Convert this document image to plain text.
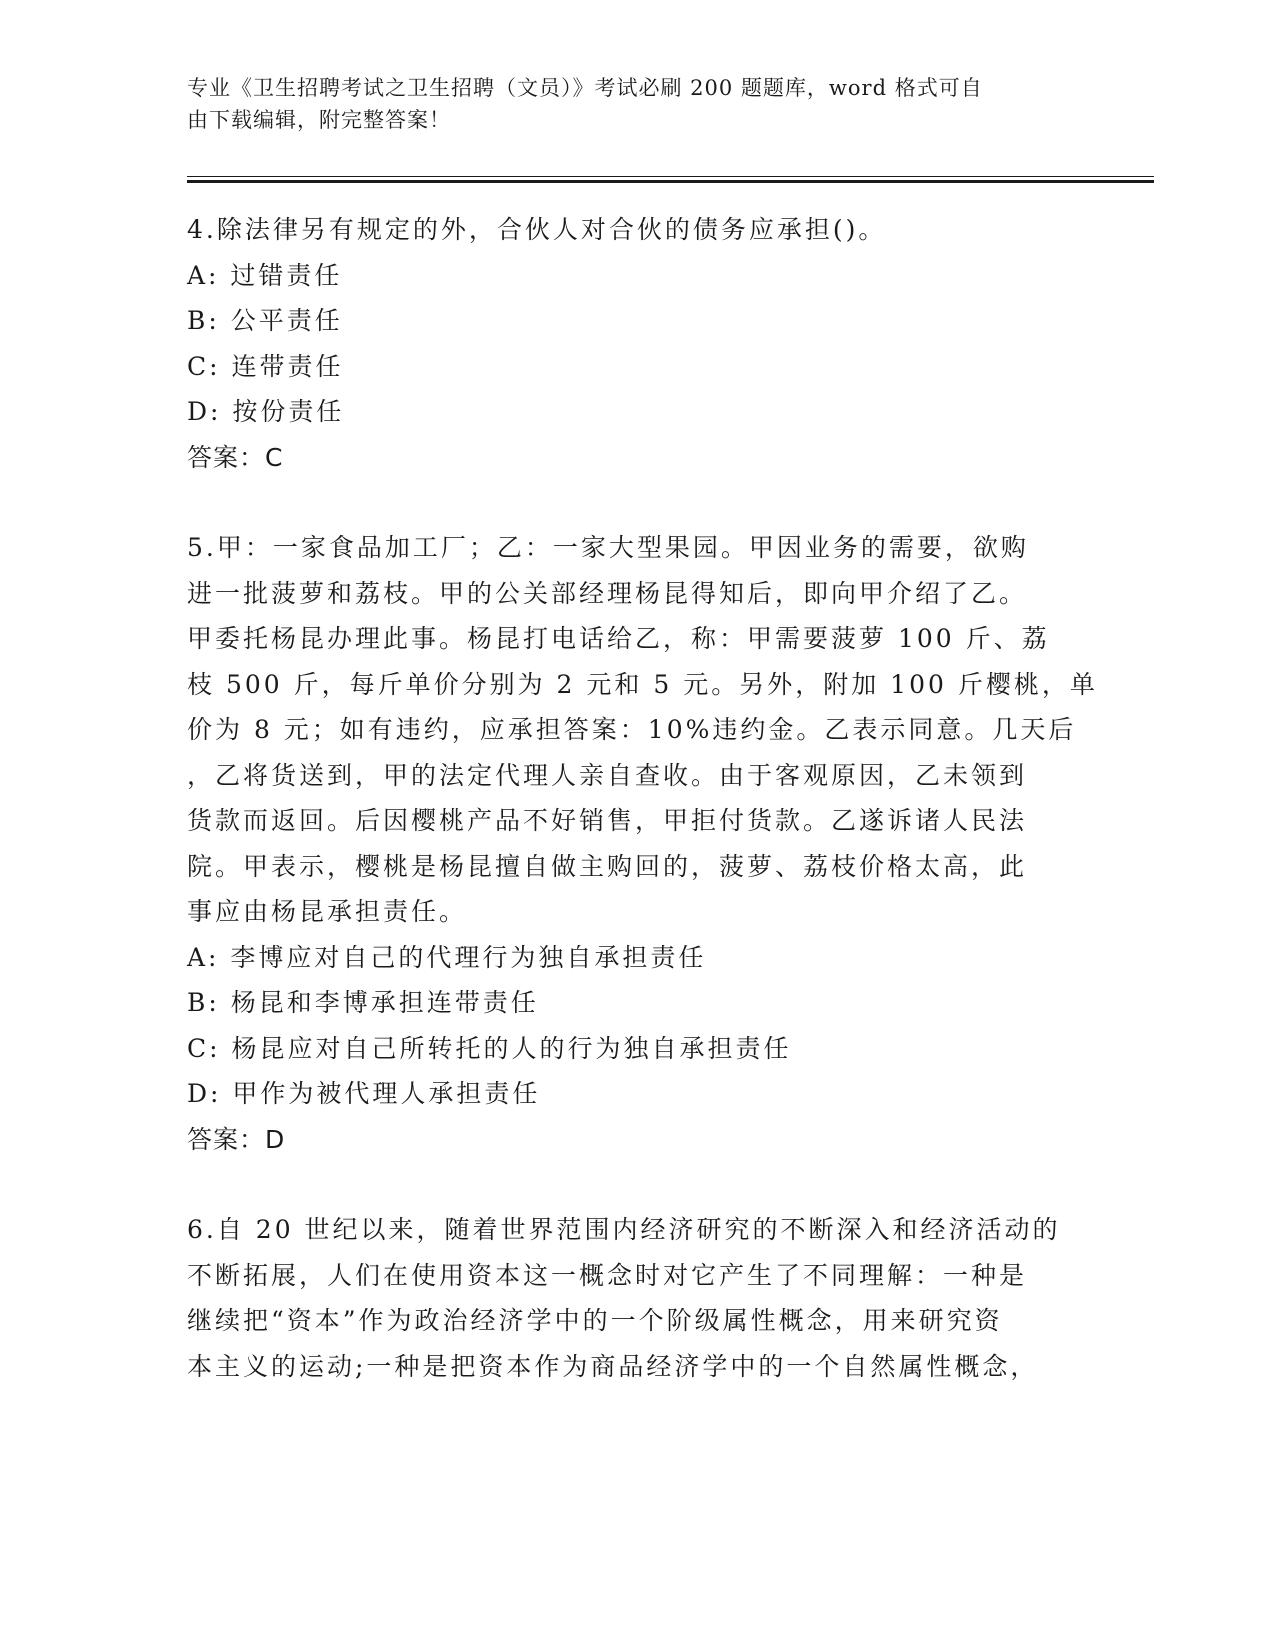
专业《卫生招聘考试之卫生招聘（文员）》考试必刷 200 题题库，word 格式可自
由下载编辑，附完整答案！
4.除法律另有规定的外，合伙人对合伙的债务应承担()。
A: 过错责任
B: 公平责任
C: 连带责任
D: 按份责任
答案：C
5.甲：一家食品加工厂；乙：一家大型果园。甲因业务的需要，欲购
进一批菠萝和荔枝。甲的公关部经理杨昆得知后，即向甲介绍了乙。
甲委托杨昆办理此事。杨昆打电话给乙，称：甲需要菠萝 100 斤、荔
枝 500 斤，每斤单价分别为 2 元和 5 元。另外，附加 100 斤樱桃，单
价为 8 元；如有违约，应承担答案：10%违约金。乙表示同意。几天后
，乙将货送到，甲的法定代理人亲自查收。由于客观原因，乙未领到
货款而返回。后因樱桃产品不好销售，甲拒付货款。乙遂诉诸人民法
院。甲表示，樱桃是杨昆擅自做主购回的，菠萝、荔枝价格太高，此
事应由杨昆承担责任。
A: 李博应对自己的代理行为独自承担责任
B: 杨昆和李博承担连带责任
C: 杨昆应对自己所转托的人的行为独自承担责任
D: 甲作为被代理人承担责任
答案：D
6.自 20 世纪以来，随着世界范围内经济研究的不断深入和经济活动的
不断拓展，人们在使用资本这一概念时对它产生了不同理解：一种是
继续把“资本”作为政治经济学中的一个阶级属性概念，用来研究资
本主义的运动;一种是把资本作为商品经济学中的一个自然属性概念，
